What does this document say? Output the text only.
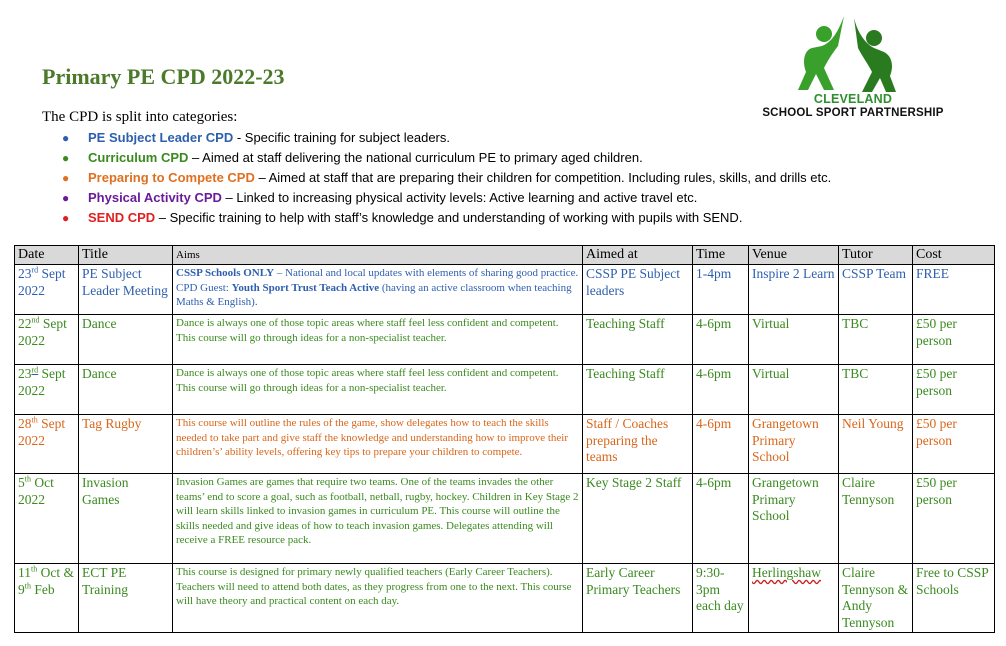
Primary PE CPD 2022-23
CLEVELAND
SCHOOL SPORT PARTNERSHIP
The CPD is split into categories:
● PE Subject Leader CPD - Specific training for subject leaders.
● Curriculum CPD – Aimed at staff delivering the national curriculum PE to primary aged children.
● Preparing to Compete CPD – Aimed at staff that are preparing their children for competition. Including rules, skills, and drills etc.
● Physical Activity CPD – Linked to increasing physical activity levels: Active learning and active travel etc.
● SEND CPD – Specific training to help with staff’s knowledge and understanding of working with pupils with SEND.
Date	Title	Aims	Aimed at	Time	Venue	Tutor	Cost
23rd Sept 2022	PE Subject Leader Meeting	CSSP Schools ONLY – National and local updates with elements of sharing good practice. CPD Guest: Youth Sport Trust Teach Active (having an active classroom when teaching Maths & English).	CSSP PE Subject leaders	1-4pm	Inspire 2 Learn	CSSP Team	FREE
22nd Sept 2022	Dance	Dance is always one of those topic areas where staff feel less confident and competent. This course will go through ideas for a non-specialist teacher.	Teaching Staff	4-6pm	Virtual	TBC	£50 per person
23rd Sept 2022	Dance	Dance is always one of those topic areas where staff feel less confident and competent. This course will go through ideas for a non-specialist teacher.	Teaching Staff	4-6pm	Virtual	TBC	£50 per person
28th Sept 2022	Tag Rugby	This course will outline the rules of the game, show delegates how to teach the skills needed to take part and give staff the knowledge and understanding how to improve their children’s’ ability levels, offering key tips to prepare your children to compete.	Staff / Coaches preparing the teams	4-6pm	Grangetown Primary School	Neil Young	£50 per person
5th Oct 2022	Invasion Games	Invasion Games are games that require two teams. One of the teams invades the other teams’ end to score a goal, such as football, netball, rugby, hockey. Children in Key Stage 2 will learn skills linked to invasion games in curriculum PE. This course will outline the skills needed and give ideas of how to teach invasion games. Delegates attending will receive a FREE resource pack.	Key Stage 2 Staff	4-6pm	Grangetown Primary School	Claire Tennyson	£50 per person
11th Oct & 9th Feb	ECT PE Training	This course is designed for primary newly qualified teachers (Early Career Teachers). Teachers will need to attend both dates, as they progress from one to the next. This course will have theory and practical content on each day.	Early Career Primary Teachers	9:30-3pm each day	Herlingshaw	Claire Tennyson & Andy Tennyson	Free to CSSP Schools
